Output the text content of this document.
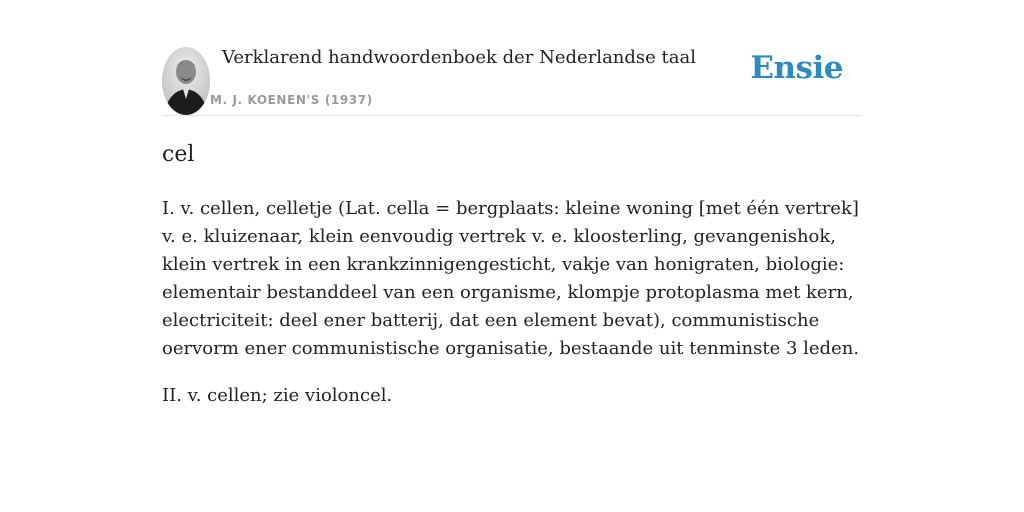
Verklarend handwoordenboek der Nederlandse taal
M. J. KOENEN'S (1937)
Ensie
cel

I. v. cellen, celletje (Lat. cella = bergplaats: kleine woning [met één vertrek] v. e. kluizenaar, klein eenvoudig vertrek v. e. kloosterling, gevangenishok, klein vertrek in een krankzinnigengesticht, vakje van honigraten, biologie: elementair bestanddeel van een organisme, klompje protoplasma met kern, electriciteit: deel ener batterij, dat een element bevat), communistische oervorm ener communistische organisatie, bestaande uit tenminste 3 leden.

II. v. cellen; zie violoncel.
